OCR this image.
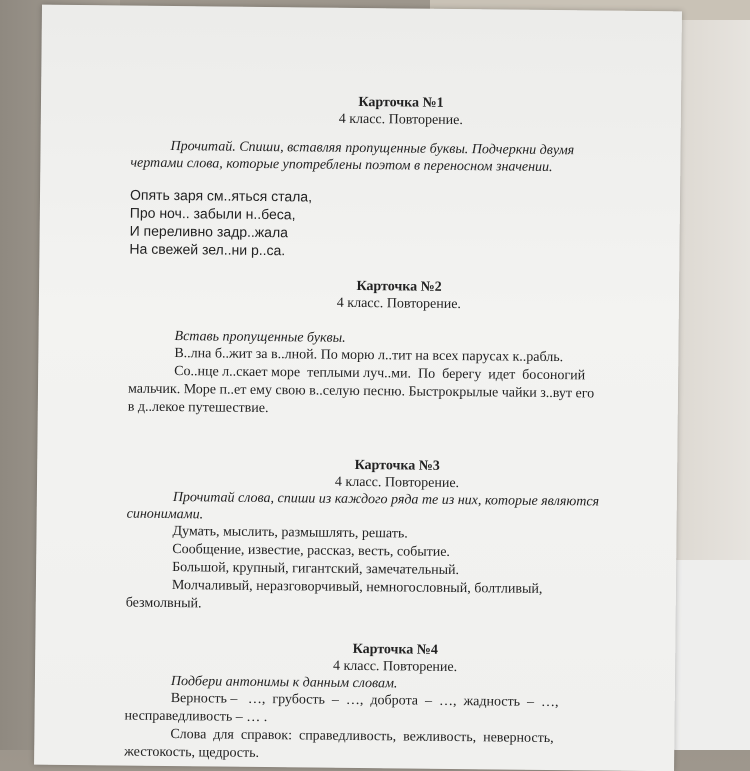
Карточка №1
4 класс. Повторение.
Прочитай. Спиши, вставляя пропущенные буквы. Подчеркни двумя
чертами слова, которые употреблены поэтом в переносном значении.
Опять заря см..яться стала,
Про ноч.. забыли н..беса,
И переливно задр..жала
На свежей зел..ни р..са.
Карточка №2
4 класс. Повторение.
Вставь пропущенные буквы.
В..лна б..жит за в..лной. По морю л..тит на всех парусах к..рабль.
Со..нце л..скает море  теплыми луч..ми.  По  берегу  идет  босоногий
мальчик. Море п..ет ему свою в..селую песню. Быстрокрылые чайки з..вут его
в д..лекое путешествие.
Карточка №3
4 класс. Повторение.
Прочитай слова, спиши из каждого ряда те из них, которые являются
синонимами.
Думать, мыслить, размышлять, решать.
Сообщение, известие, рассказ, весть, событие.
Большой, крупный, гигантский, замечательный.
Молчаливый, неразговорчивый, немногословный, болтливый,
безмолвный.
Карточка №4
4 класс. Повторение.
Подбери антонимы к данным словам.
Верность –   …,  грубость  –  …,  доброта  –  …,  жадность  –  …,
несправедливость – … .
Слова  для  справок:  справедливость,  вежливость,  неверность,
жестокость, щедрость.
